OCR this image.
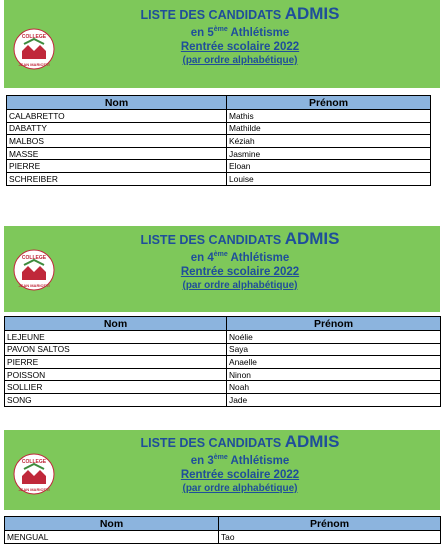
COLLEGE
JEAN MARIOTTI
LISTE DES CANDIDATS ADMIS
en 5ème Athlétisme
Rentrée scolaire 2022
(par ordre alphabétique)
Nom	Prénom
CALABRETTO	Mathis
DABATTY	Mathilde
MALBOS	Kéziah
MASSE	Jasmine
PIERRE	Eloan
SCHREIBER	Louise
COLLEGE
JEAN MARIOTTI
LISTE DES CANDIDATS ADMIS
en 4ème Athlétisme
Rentrée scolaire 2022
(par ordre alphabétique)
Nom	Prénom
LEJEUNE	Noélie
PAVON SALTOS	Saya
PIERRE	Anaelle
POISSON	Ninon
SOLLIER	Noah
SONG	Jade
COLLEGE
JEAN MARIOTTI
LISTE DES CANDIDATS ADMIS
en 3ème Athlétisme
Rentrée scolaire 2022
(par ordre alphabétique)
Nom	Prénom
MENGUAL	Tao
